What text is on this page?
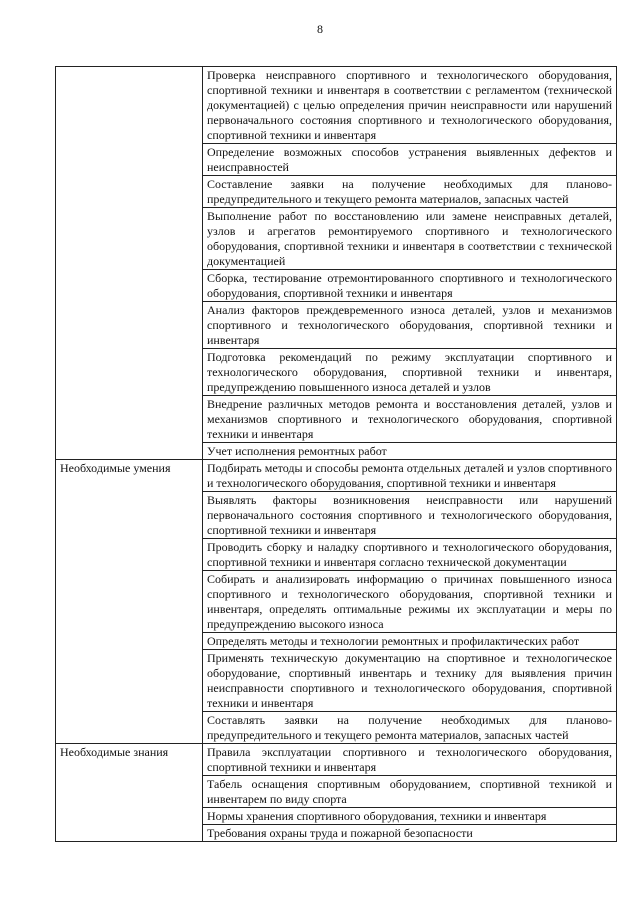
8
	Проверка неисправного спортивного и технологического оборудования, спортивной техники и инвентаря в соответствии с регламентом (технической документацией) с целью определения причин неисправности или нарушений первоначального состояния спортивного и технологического оборудования, спортивной техники и инвентаря
	Определение возможных способов устранения выявленных дефектов и неисправностей
	Составление заявки на получение необходимых для планово-предупредительного и текущего ремонта материалов, запасных частей
	Выполнение работ по восстановлению или замене неисправных деталей, узлов и агрегатов ремонтируемого спортивного и технологического оборудования, спортивной техники и инвентаря в соответствии с технической документацией
	Сборка, тестирование отремонтированного спортивного и технологического оборудования, спортивной техники и инвентаря
	Анализ факторов преждевременного износа деталей, узлов и механизмов спортивного и технологического оборудования, спортивной техники и инвентаря
	Подготовка рекомендаций по режиму эксплуатации спортивного и технологического оборудования, спортивной техники и инвентаря, предупреждению повышенного износа деталей и узлов
	Внедрение различных методов ремонта и восстановления деталей, узлов и механизмов спортивного и технологического оборудования, спортивной техники и инвентаря
	Учет исполнения ремонтных работ
Необходимые умения	Подбирать методы и способы ремонта отдельных деталей и узлов спортивного и технологического оборудования, спортивной техники и инвентаря
	Выявлять факторы возникновения неисправности или нарушений первоначального состояния спортивного и технологического оборудования, спортивной техники и инвентаря
	Проводить сборку и наладку спортивного и технологического оборудования, спортивной техники и инвентаря согласно технической документации
	Собирать и анализировать информацию о причинах повышенного износа спортивного и технологического оборудования, спортивной техники и инвентаря, определять оптимальные режимы их эксплуатации и меры по предупреждению высокого износа
	Определять методы и технологии ремонтных и профилактических работ
	Применять техническую документацию на спортивное и технологическое оборудование, спортивный инвентарь и технику для выявления причин неисправности спортивного и технологического оборудования, спортивной техники и инвентаря
	Составлять заявки на получение необходимых для планово-предупредительного и текущего ремонта материалов, запасных частей
Необходимые знания	Правила эксплуатации спортивного и технологического оборудования, спортивной техники и инвентаря
	Табель оснащения спортивным оборудованием, спортивной техникой и инвентарем по виду спорта
	Нормы хранения спортивного оборудования, техники и инвентаря
	Требования охраны труда и пожарной безопасности
